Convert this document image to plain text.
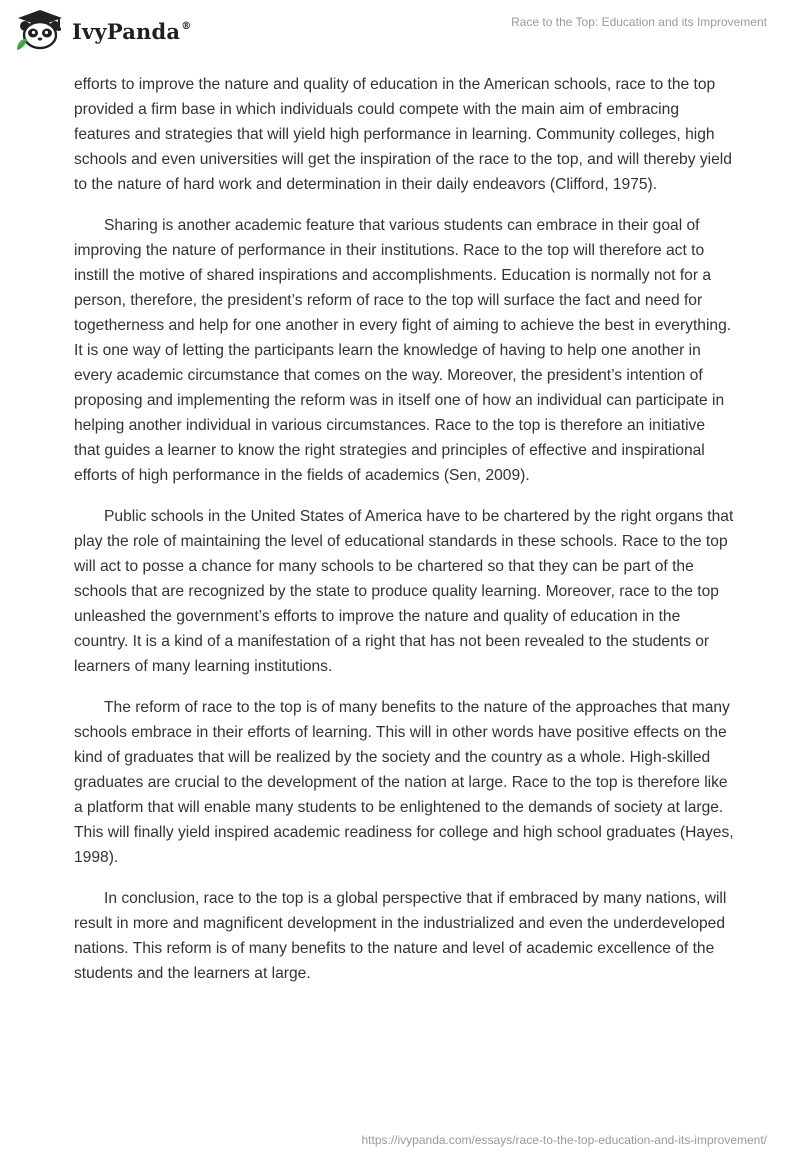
IvyPanda®	Race to the Top: Education and its Improvement

efforts to improve the nature and quality of education in the American schools, race to the top provided a firm base in which individuals could compete with the main aim of embracing features and strategies that will yield high performance in learning. Community colleges, high schools and even universities will get the inspiration of the race to the top, and will thereby yield to the nature of hard work and determination in their daily endeavors (Clifford, 1975).

Sharing is another academic feature that various students can embrace in their goal of improving the nature of performance in their institutions. Race to the top will therefore act to instill the motive of shared inspirations and accomplishments. Education is normally not for a person, therefore, the president’s reform of race to the top will surface the fact and need for togetherness and help for one another in every fight of aiming to achieve the best in everything. It is one way of letting the participants learn the knowledge of having to help one another in every academic circumstance that comes on the way. Moreover, the president’s intention of proposing and implementing the reform was in itself one of how an individual can participate in helping another individual in various circumstances. Race to the top is therefore an initiative that guides a learner to know the right strategies and principles of effective and inspirational efforts of high performance in the fields of academics (Sen, 2009).

Public schools in the United States of America have to be chartered by the right organs that play the role of maintaining the level of educational standards in these schools. Race to the top will act to posse a chance for many schools to be chartered so that they can be part of the schools that are recognized by the state to produce quality learning. Moreover, race to the top unleashed the government’s efforts to improve the nature and quality of education in the country. It is a kind of a manifestation of a right that has not been revealed to the students or learners of many learning institutions.

The reform of race to the top is of many benefits to the nature of the approaches that many schools embrace in their efforts of learning. This will in other words have positive effects on the kind of graduates that will be realized by the society and the country as a whole. High-skilled graduates are crucial to the development of the nation at large. Race to the top is therefore like a platform that will enable many students to be enlightened to the demands of society at large. This will finally yield inspired academic readiness for college and high school graduates (Hayes, 1998).

In conclusion, race to the top is a global perspective that if embraced by many nations, will result in more and magnificent development in the industrialized and even the underdeveloped nations. This reform is of many benefits to the nature and level of academic excellence of the students and the learners at large.

https://ivypanda.com/essays/race-to-the-top-education-and-its-improvement/
